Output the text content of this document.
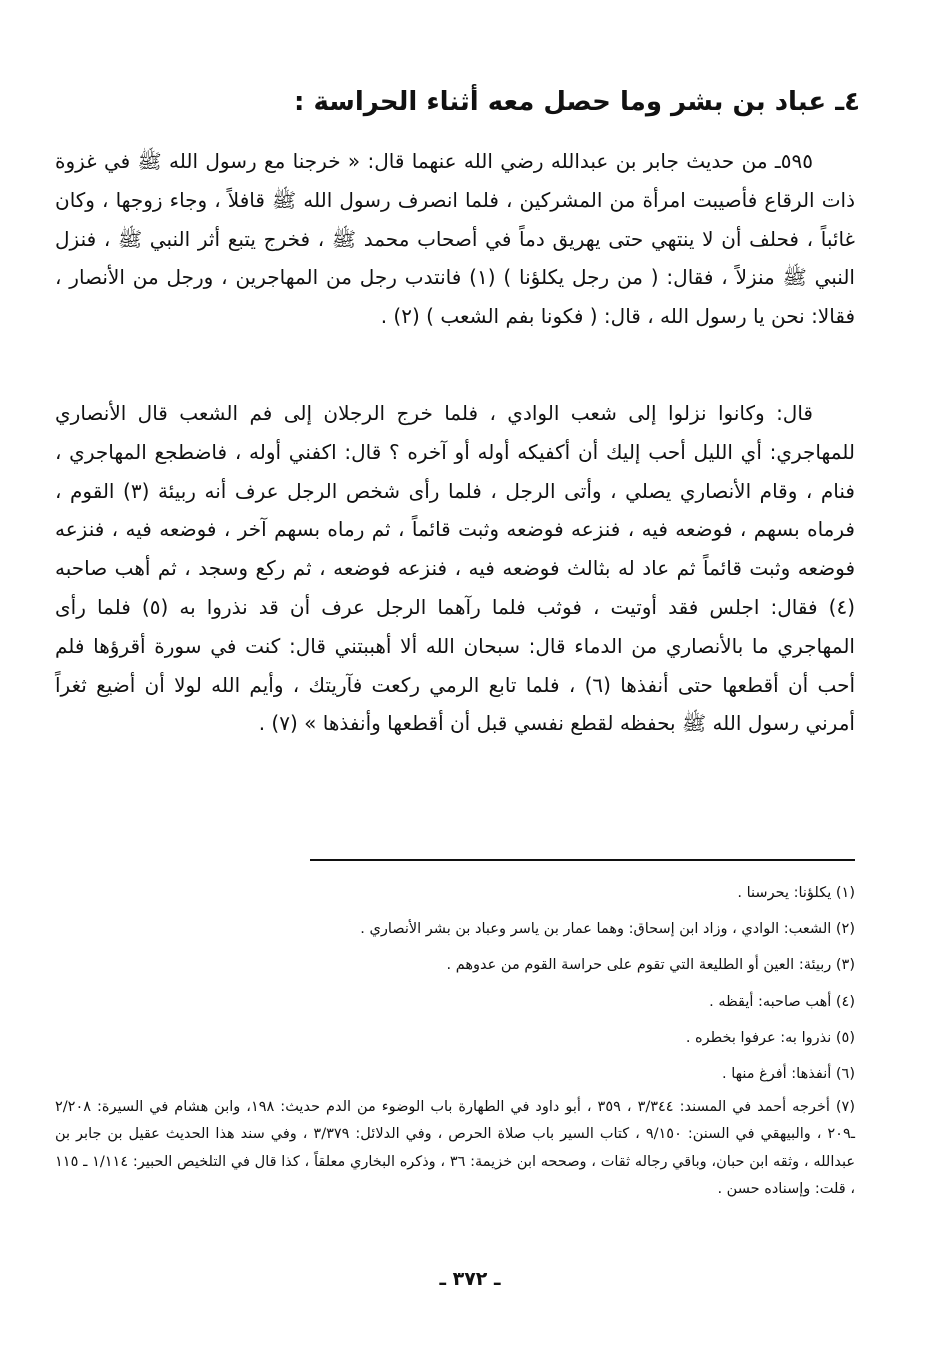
٤ـ عباد بن بشر وما حصل معه أثناء الحراسة :
٥٩٥ـ من حديث جابر بن عبدالله رضي الله عنهما قال: « خرجنا مع رسول الله ﷺ في غزوة ذات الرقاع فأصيبت امرأة من المشركين ، فلما انصرف رسول الله ﷺ قافلاً ، وجاء زوجها ، وكان غائباً ، فحلف أن لا ينتهي حتى يهريق دماً في أصحاب محمد ﷺ ، فخرج يتبع أثر النبي ﷺ ، فنزل النبي ﷺ منزلاً ، فقال: ( من رجل يكلؤنا ) (١) فانتدب رجل من المهاجرين ، ورجل من الأنصار ، فقالا: نحن يا رسول الله ، قال: ( فكونا بفم الشعب ) (٢) .
قال: وكانوا نزلوا إلى شعب الوادي ، فلما خرج الرجلان إلى فم الشعب قال الأنصاري للمهاجري: أي الليل أحب إليك أن أكفيكه أوله أو آخره ؟ قال: اكفني أوله ، فاضطجع المهاجري ، فنام ، وقام الأنصاري يصلي ، وأتى الرجل ، فلما رأى شخص الرجل عرف أنه ربيئة (٣) القوم ، فرماه بسهم ، فوضعه فيه ، فنزعه فوضعه وثبت قائماً ، ثم رماه بسهم آخر ، فوضعه فيه ، فنزعه فوضعه وثبت قائماً ثم عاد له بثالث فوضعه فيه ، فنزعه فوضعه ، ثم ركع وسجد ، ثم أهب صاحبه (٤) فقال: اجلس فقد أوتيت ، فوثب فلما رآهما الرجل عرف أن قد نذروا به (٥) فلما رأى المهاجري ما بالأنصاري من الدماء قال: سبحان الله ألا أهببتني قال: كنت في سورة أقرؤها فلم أحب أن أقطعها حتى أنفذها (٦) ، فلما تابع الرمي ركعت فآريتك ، وأيم الله لولا أن أضيع ثغراً أمرني رسول الله ﷺ بحفظه لقطع نفسي قبل أن أقطعها وأنفذها » (٧) .
(١) يكلؤنا: يحرسنا .
(٢) الشعب: الوادي ، وزاد ابن إسحاق: وهما عمار بن ياسر وعباد بن بشر الأنصاري .
(٣) ربيئة: العين أو الطليعة التي تقوم على حراسة القوم من عدوهم .
(٤) أهب صاحبه: أيقظه .
(٥) نذروا به: عرفوا بخطره .
(٦) أنفذها: أفرغ منها .
(٧) أخرجه أحمد في المسند: ٣/٣٤٤ ، ٣٥٩ ، أبو داود في الطهارة باب الوضوء من الدم حديث: ١٩٨، وابن هشام في السيرة: ٢/٢٠٨ ـ٢٠٩ ، والبيهقي في السنن: ٩/١٥٠ ، كتاب السير باب صلاة الحرص ، وفي الدلائل: ٣/٣٧٩ ، وفي سند هذا الحديث عقيل بن جابر بن عبدالله ، وثقه ابن حبان، وباقي رجاله ثقات ، وصححه ابن خزيمة: ٣٦ ، وذكره البخاري معلقاً ، كذا قال في التلخيص الحبير: ١/١١٤ ـ ١١٥ ، قلت: وإسناده حسن .
ـ ٣٧٢ ـ
